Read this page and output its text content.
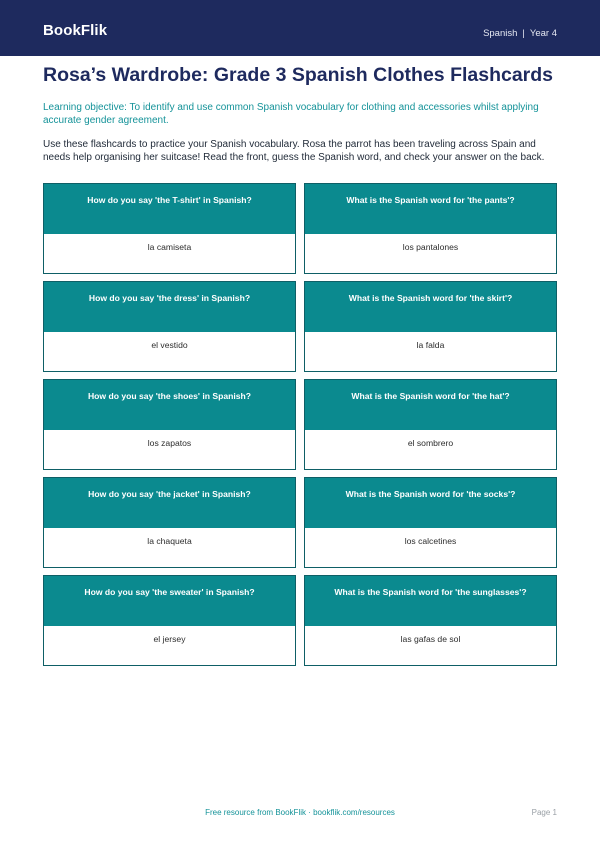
BookFlik	Spanish | Year 4
Rosa’s Wardrobe: Grade 3 Spanish Clothes Flashcards

Learning objective: To identify and use common Spanish vocabulary for clothing and accessories whilst applying accurate gender agreement.

Use these flashcards to practice your Spanish vocabulary. Rosa the parrot has been traveling across Spain and needs help organising her suitcase! Read the front, guess the Spanish word, and check your answer on the back.

How do you say 'the T-shirt' in Spanish?
la camiseta
What is the Spanish word for 'the pants'?
los pantalones
How do you say 'the dress' in Spanish?
el vestido
What is the Spanish word for 'the skirt'?
la falda
How do you say 'the shoes' in Spanish?
los zapatos
What is the Spanish word for 'the hat'?
el sombrero
How do you say 'the jacket' in Spanish?
la chaqueta
What is the Spanish word for 'the socks'?
los calcetines
How do you say 'the sweater' in Spanish?
el jersey
What is the Spanish word for 'the sunglasses'?
las gafas de sol
Free resource from BookFlik · bookflik.com/resources	Page 1
